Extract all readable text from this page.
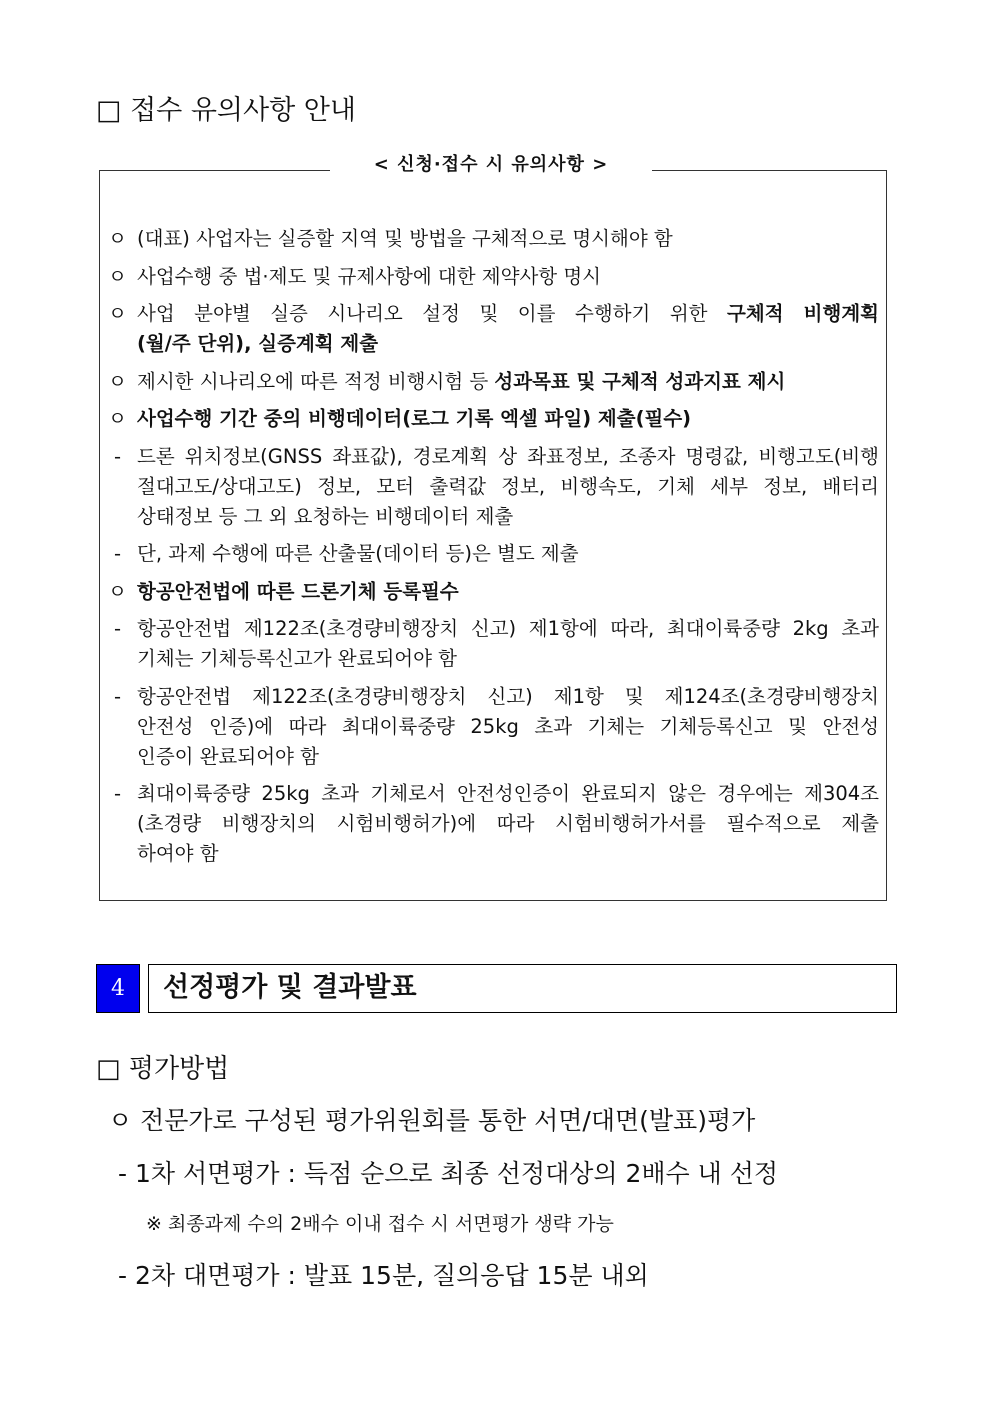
□ 접수 유의사항 안내
< 신청·접수 시 유의사항 >
ㅇ (대표) 사업자는 실증할 지역 및 방법을 구체적으로 명시해야 함
ㅇ 사업수행 중 법·제도 및 규제사항에 대한 제약사항 명시
ㅇ 사업 분야별 실증 시나리오 설정 및 이를 수행하기 위한 구체적 비행계획
(월/주 단위), 실증계획 제출
ㅇ 제시한 시나리오에 따른 적정 비행시험 등 성과목표 및 구체적 성과지표 제시
ㅇ 사업수행 기간 중의 비행데이터(로그 기록 엑셀 파일) 제출(필수)
- 드론 위치정보(GNSS 좌표값), 경로계획 상 좌표정보, 조종자 명령값, 비행고도(비행
절대고도/상대고도) 정보, 모터 출력값 정보, 비행속도, 기체 세부 정보, 배터리
상태정보 등 그 외 요청하는 비행데이터 제출
- 단, 과제 수행에 따른 산출물(데이터 등)은 별도 제출
ㅇ 항공안전법에 따른 드론기체 등록필수
- 항공안전법 제122조(초경량비행장치 신고) 제1항에 따라, 최대이륙중량 2kg 초과
기체는 기체등록신고가 완료되어야 함
- 항공안전법 제122조(초경량비행장치 신고) 제1항 및 제124조(초경량비행장치
안전성 인증)에 따라 최대이륙중량 25kg 초과 기체는 기체등록신고 및 안전성
인증이 완료되어야 함
- 최대이륙중량 25kg 초과 기체로서 안전성인증이 완료되지 않은 경우에는 제304조
(초경량 비행장치의 시험비행허가)에 따라 시험비행허가서를 필수적으로 제출
하여야 함
4	선정평가 및 결과발표
□ 평가방법
ㅇ 전문가로 구성된 평가위원회를 통한 서면/대면(발표)평가
- 1차 서면평가 : 득점 순으로 최종 선정대상의 2배수 내 선정
※ 최종과제 수의 2배수 이내 접수 시 서면평가 생략 가능
- 2차 대면평가 : 발표 15분, 질의응답 15분 내외
